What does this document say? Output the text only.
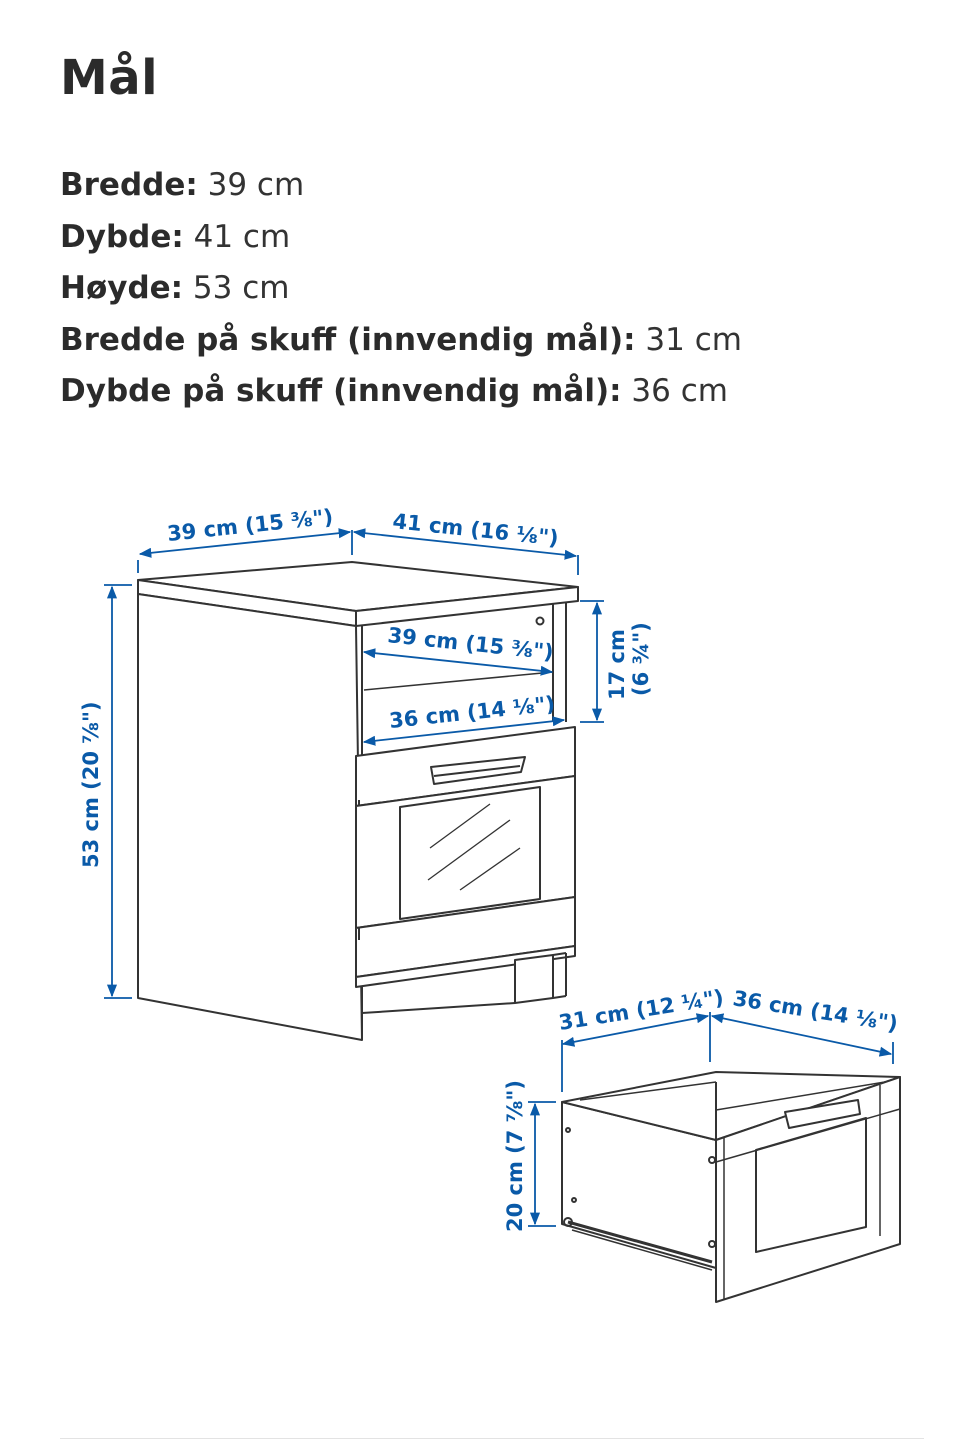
Mål
Bredde: 39 cm
Dybde: 41 cm
Høyde: 53 cm
Bredde på skuff (innvendig mål): 31 cm
Dybde på skuff (innvendig mål): 36 cm
39 cm (15 ⅜")	41 cm (16 ⅛")
53 cm (20 ⅞")
39 cm (15 ⅜")
36 cm (14 ⅛")
17 cm (6 ¾")
31 cm (12 ¼") 36 cm (14 ⅛")
20 cm (7 ⅞")
